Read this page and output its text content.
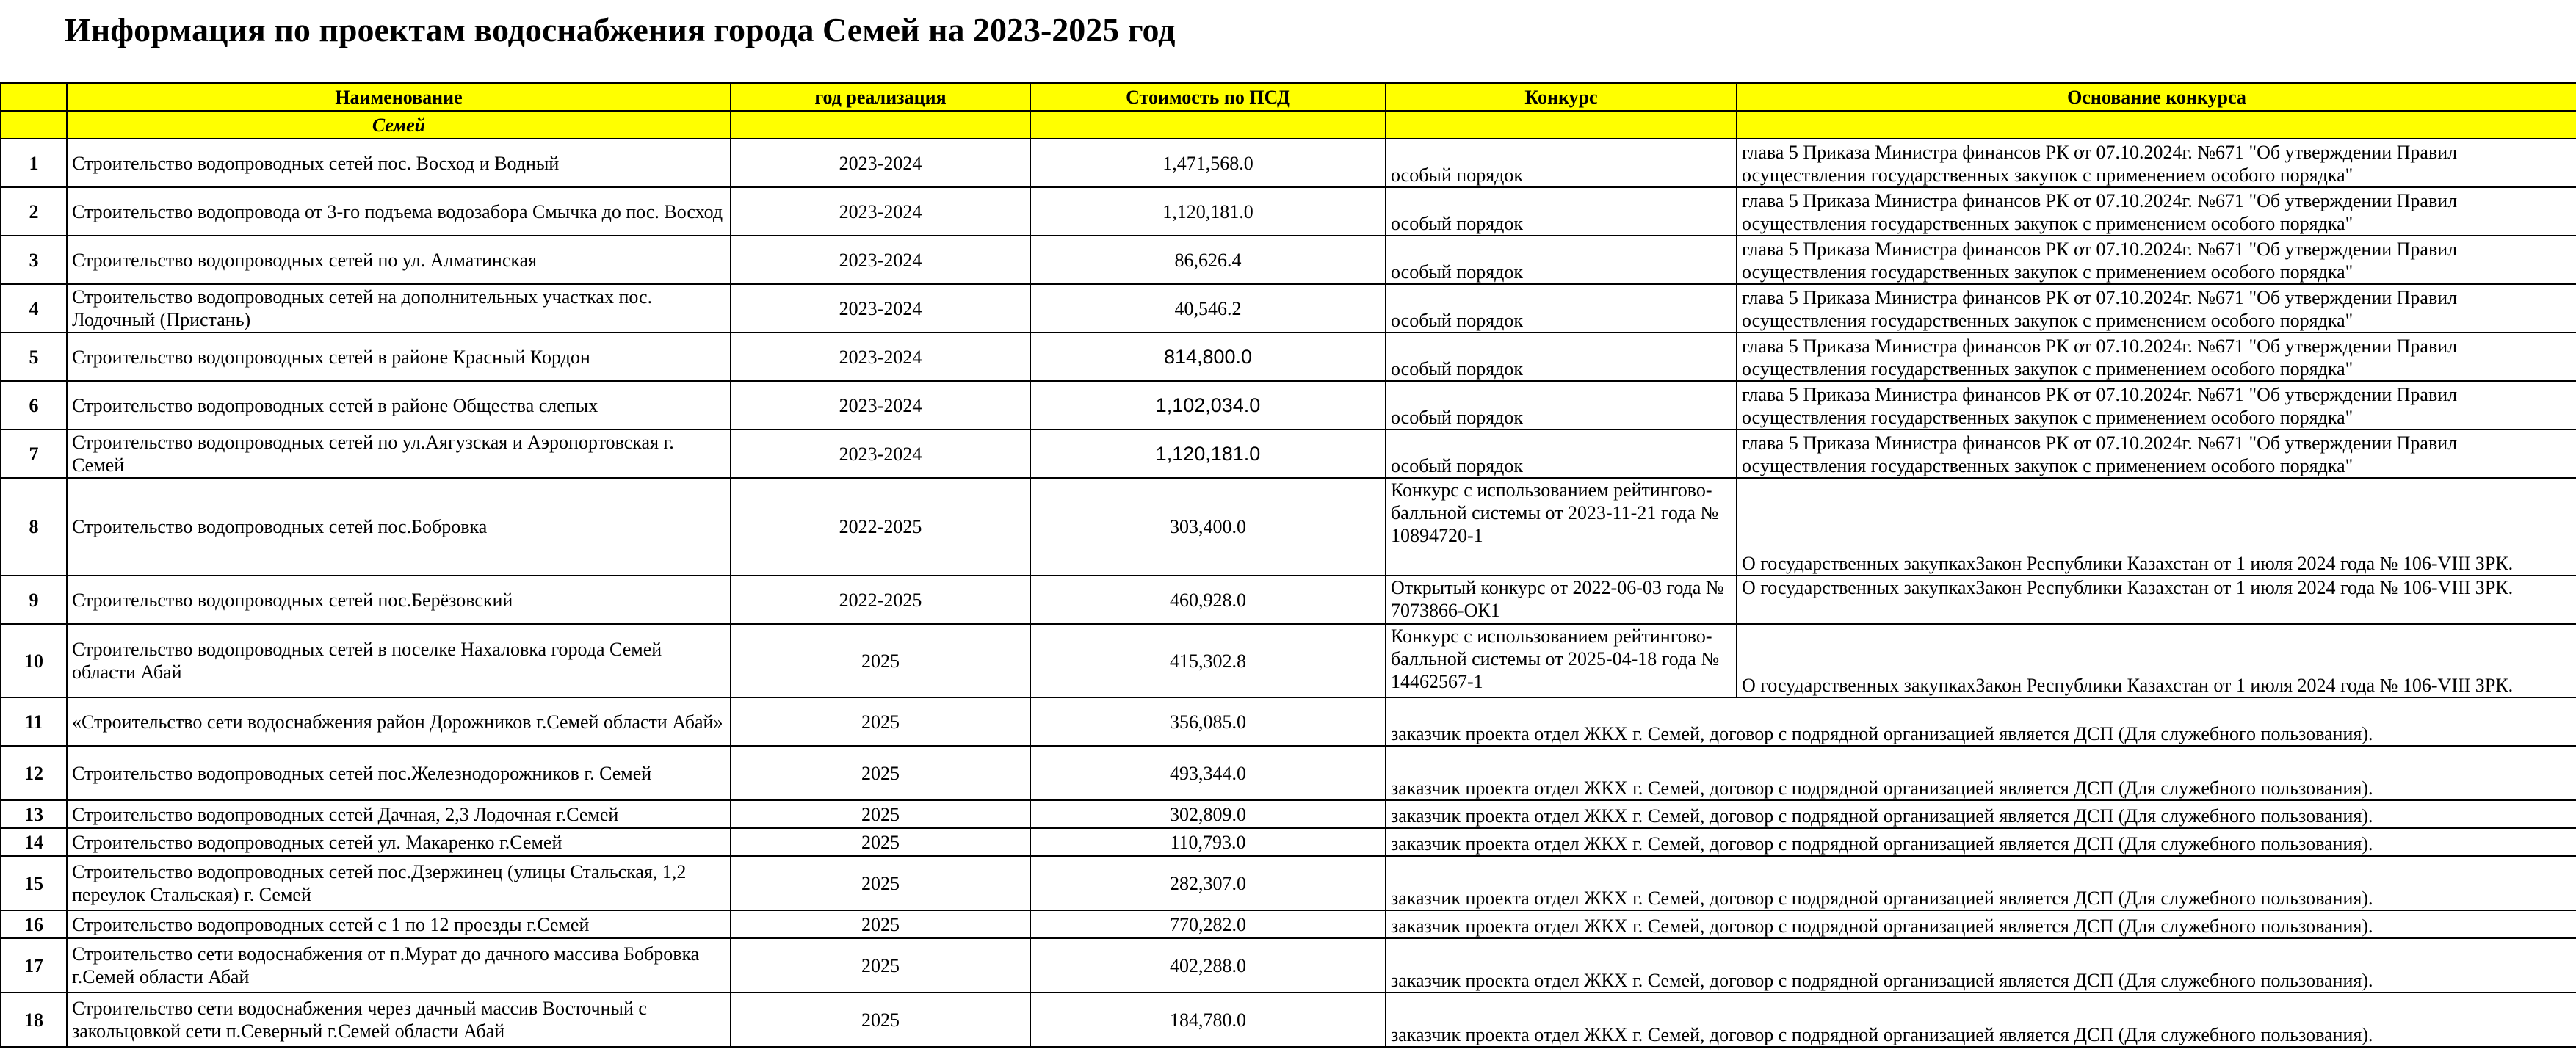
Информация по проектам водоснабжения города Семей на 2023-2025 год
	Наименование	год реализация	Стоимость по ПСД	Конкурс	Основание конкурса
	Семей				
1	Строительство водопроводных сетей пос. Восход и Водный	2023-2024	1,471,568.0	особый порядок	глава 5 Приказа Министра финансов РК от 07.10.2024г. №671 "Об утверждении Правил осуществления государственных закупок с применением особого порядка"
2	Строительство водопровода от 3-го подъема водозабора Смычка до пос. Восход	2023-2024	1,120,181.0	особый порядок	глава 5 Приказа Министра финансов РК от 07.10.2024г. №671 "Об утверждении Правил осуществления государственных закупок с применением особого порядка"
3	Строительство водопроводных сетей по ул. Алматинская	2023-2024	86,626.4	особый порядок	глава 5 Приказа Министра финансов РК от 07.10.2024г. №671 "Об утверждении Правил осуществления государственных закупок с применением особого порядка"
4	Строительство водопроводных сетей на дополнительных участках пос. Лодочный (Пристань)	2023-2024	40,546.2	особый порядок	глава 5 Приказа Министра финансов РК от 07.10.2024г. №671 "Об утверждении Правил осуществления государственных закупок с применением особого порядка"
5	Строительство водопроводных сетей в районе Красный Кордон	2023-2024	814,800.0	особый порядок	глава 5 Приказа Министра финансов РК от 07.10.2024г. №671 "Об утверждении Правил осуществления государственных закупок с применением особого порядка"
6	Строительство водопроводных сетей в районе Общества слепых	2023-2024	1,102,034.0	особый порядок	глава 5 Приказа Министра финансов РК от 07.10.2024г. №671 "Об утверждении Правил осуществления государственных закупок с применением особого порядка"
7	Строительство водопроводных сетей по ул.Аягузская и Аэропортовская г. Семей	2023-2024	1,120,181.0	особый порядок	глава 5 Приказа Министра финансов РК от 07.10.2024г. №671 "Об утверждении Правил осуществления государственных закупок с применением особого порядка"
8	Строительство водопроводных сетей пос.Бобровка	2022-2025	303,400.0	Конкурс с использованием рейтингово-балльной системы от 2023-11-21 года № 10894720-1	О государственных закупкахЗакон Республики Казахстан от 1 июля 2024 года № 106-VIII ЗРК.
9	Строительство водопроводных сетей пос.Берёзовский	2022-2025	460,928.0	Открытый конкурс от 2022-06-03 года № 7073866-ОК1	О государственных закупкахЗакон Республики Казахстан от 1 июля 2024 года № 106-VIII ЗРК.
10	Строительство водопроводных сетей в поселке Нахаловка города Семей области Абай	2025	415,302.8	Конкурс с использованием рейтингово-балльной системы от 2025-04-18 года № 14462567-1	О государственных закупкахЗакон Республики Казахстан от 1 июля 2024 года № 106-VIII ЗРК.
11	«Строительство сети водоснабжения район Дорожников г.Семей области Абай»	2025	356,085.0	заказчик проекта отдел ЖКХ г. Семей, договор с подрядной организацией является ДСП (Для служебного пользования).	
12	Строительство водопроводных сетей пос.Железнодорожников г. Семей	2025	493,344.0	заказчик проекта отдел ЖКХ г. Семей, договор с подрядной организацией является ДСП (Для служебного пользования).	
13	Строительство водопроводных сетей Дачная, 2,3 Лодочная г.Семей	2025	302,809.0	заказчик проекта отдел ЖКХ г. Семей, договор с подрядной организацией является ДСП (Для служебного пользования).	
14	Строительство водопроводных сетей ул. Макаренко г.Семей	2025	110,793.0	заказчик проекта отдел ЖКХ г. Семей, договор с подрядной организацией является ДСП (Для служебного пользования).	
15	Строительство водопроводных сетей пос.Дзержинец (улицы Стальская, 1,2 переулок Стальская) г. Семей	2025	282,307.0	заказчик проекта отдел ЖКХ г. Семей, договор с подрядной организацией является ДСП (Для служебного пользования).	
16	Строительство водопроводных сетей с 1 по 12 проезды г.Семей	2025	770,282.0	заказчик проекта отдел ЖКХ г. Семей, договор с подрядной организацией является ДСП (Для служебного пользования).	
17	Строительство сети водоснабжения от п.Мурат до дачного массива Бобровка г.Семей области Абай	2025	402,288.0	заказчик проекта отдел ЖКХ г. Семей, договор с подрядной организацией является ДСП (Для служебного пользования).	
18	Строительство сети водоснабжения через дачный массив Восточный с закольцовкой сети п.Северный г.Семей области Абай	2025	184,780.0	заказчик проекта отдел ЖКХ г. Семей, договор с подрядной организацией является ДСП (Для служебного пользования).	
